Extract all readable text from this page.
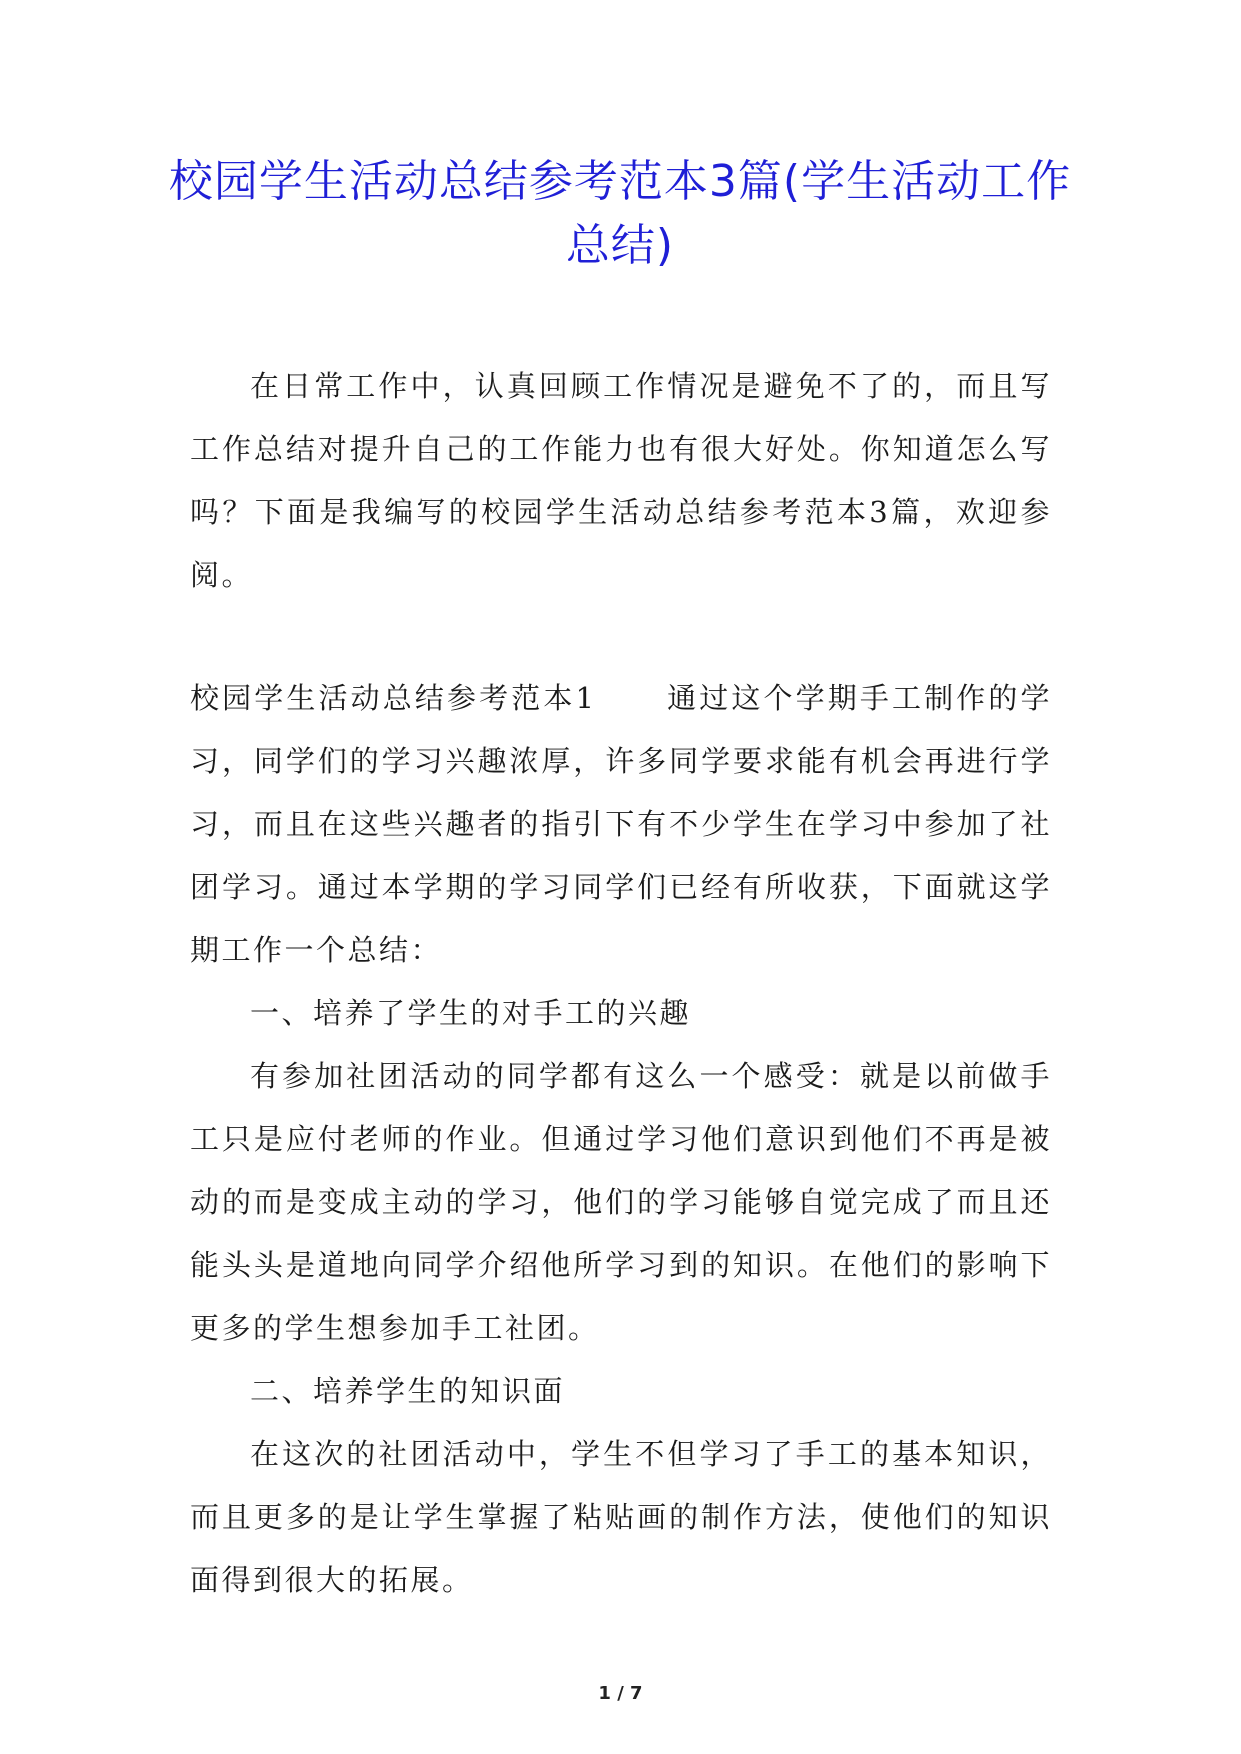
校园学生活动总结参考范本3篇(学生活动工作总结)

在日常工作中，认真回顾工作情况是避免不了的，而且写工作总结对提升自己的工作能力也有很大好处。你知道怎么写吗？下面是我编写的校园学生活动总结参考范本3篇，欢迎参阅。

校园学生活动总结参考范本1 通过这个学期手工制作的学习，同学们的学习兴趣浓厚，许多同学要求能有机会再进行学习，而且在这些兴趣者的指引下有不少学生在学习中参加了社团学习。通过本学期的学习同学们已经有所收获，下面就这学期工作一个总结：

一、培养了学生的对手工的兴趣

有参加社团活动的同学都有这么一个感受：就是以前做手工只是应付老师的作业。但通过学习他们意识到他们不再是被动的而是变成主动的学习，他们的学习能够自觉完成了而且还能头头是道地向同学介绍他所学习到的知识。在他们的影响下更多的学生想参加手工社团。

二、培养学生的知识面

在这次的社团活动中，学生不但学习了手工的基本知识，而且更多的是让学生掌握了粘贴画的制作方法，使他们的知识面得到很大的拓展。

1 / 7
